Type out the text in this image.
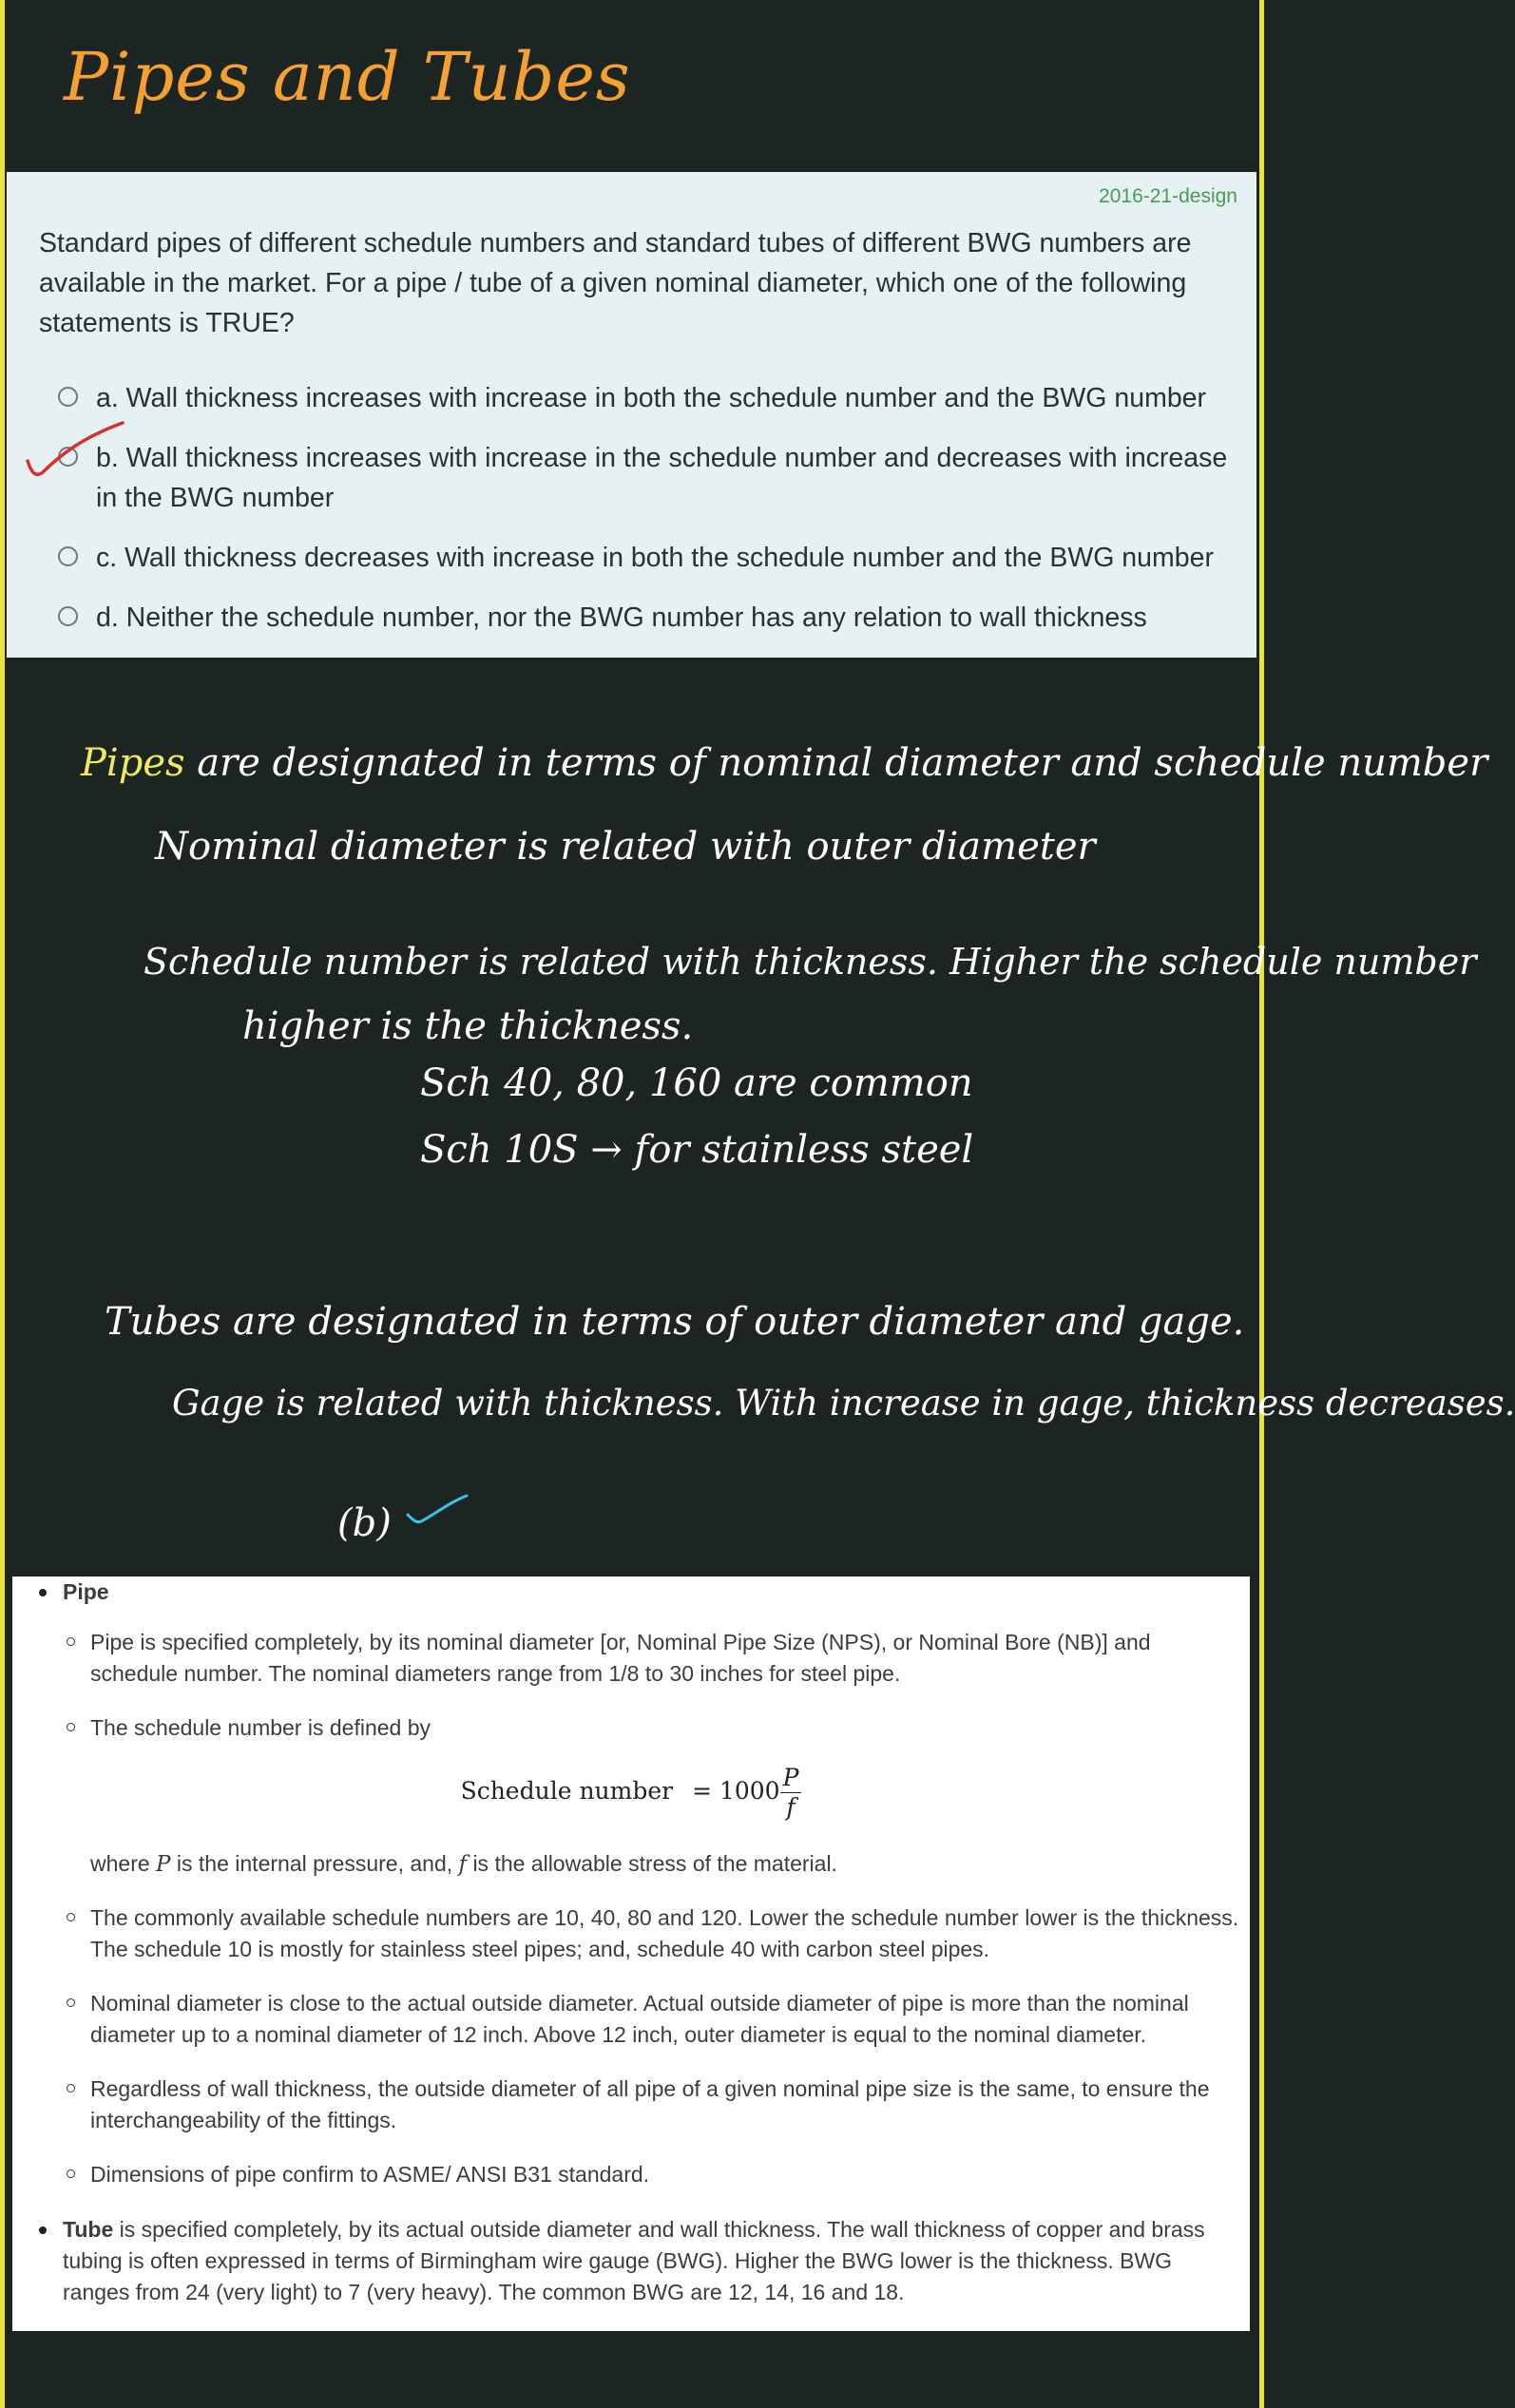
Pipes and Tubes
2016-21-design
Standard pipes of different schedule numbers and standard tubes of different BWG numbers are available in the market. For a pipe / tube of a given nominal diameter, which one of the following statements is TRUE?
a. Wall thickness increases with increase in both the schedule number and the BWG number
b. Wall thickness increases with increase in the schedule number and decreases with increase in the BWG number
c. Wall thickness decreases with increase in both the schedule number and the BWG number
d. Neither the schedule number, nor the BWG number has any relation to wall thickness
Pipes are designated in terms of nominal diameter and schedule number
Nominal diameter is related with outer diameter
Schedule number is related with thickness. Higher the schedule number
higher is the thickness.
Sch 40, 80, 160 are common
Sch 10S → for stainless steel
Tubes are designated in terms of outer diameter and gage.
Gage is related with thickness. With increase in gage, thickness decreases.
(b)
Pipe
Pipe is specified completely, by its nominal diameter [or, Nominal Pipe Size (NPS), or Nominal Bore (NB)] and schedule number. The nominal diameters range from 1/8 to 30 inches for steel pipe.
The schedule number is defined by
Schedule number = $1000 \frac{P}{f}$
where P is the internal pressure, and, f is the allowable stress of the material.
The commonly available schedule numbers are 10, 40, 80 and 120. Lower the schedule number lower is the thickness. The schedule 10 is mostly for stainless steel pipes; and, schedule 40 with carbon steel pipes.
Nominal diameter is close to the actual outside diameter. Actual outside diameter of pipe is more than the nominal diameter up to a nominal diameter of 12 inch. Above 12 inch, outer diameter is equal to the nominal diameter.
Regardless of wall thickness, the outside diameter of all pipe of a given nominal pipe size is the same, to ensure the interchangeability of the fittings.
Dimensions of pipe confirm to ASME/ ANSI B31 standard.
Tube is specified completely, by its actual outside diameter and wall thickness. The wall thickness of copper and brass tubing is often expressed in terms of Birmingham wire gauge (BWG). Higher the BWG lower is the thickness. BWG ranges from 24 (very light) to 7 (very heavy). The common BWG are 12, 14, 16 and 18.
